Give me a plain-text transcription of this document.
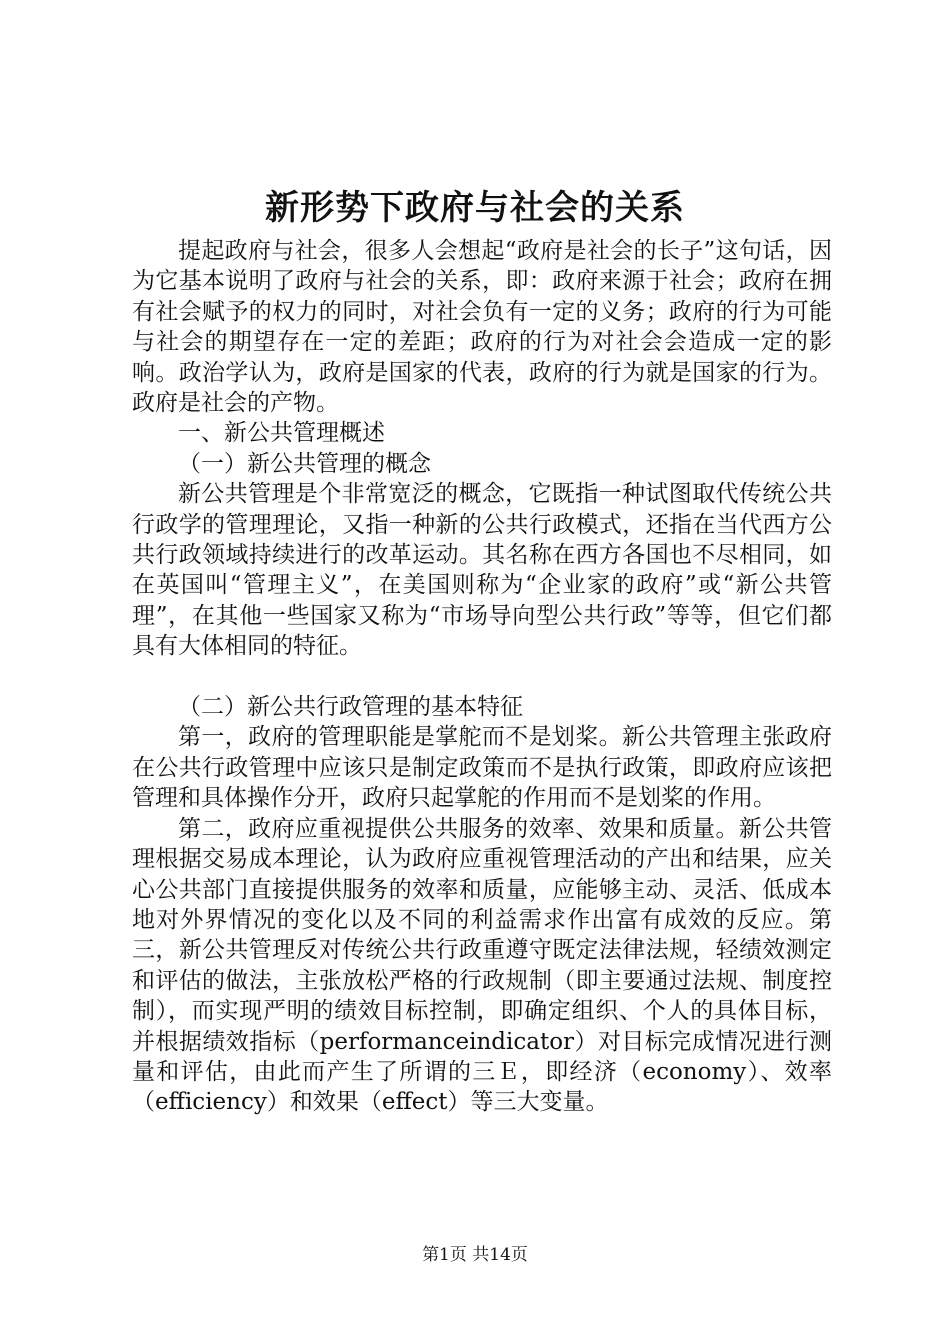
新形势下政府与社会的关系

提起政府与社会，很多人会想起“政府是社会的长子”这句话，因为它基本说明了政府与社会的关系，即：政府来源于社会；政府在拥有社会赋予的权力的同时，对社会负有一定的义务；政府的行为可能与社会的期望存在一定的差距；政府的行为对社会会造成一定的影响。政治学认为，政府是国家的代表，政府的行为就是国家的行为。政府是社会的产物。

一、新公共管理概述

（一）新公共管理的概念

新公共管理是个非常宽泛的概念，它既指一种试图取代传统公共行政学的管理理论，又指一种新的公共行政模式，还指在当代西方公共行政领域持续进行的改革运动。其名称在西方各国也不尽相同，如在英国叫“管理主义”，在美国则称为“企业家的政府”或“新公共管理”，在其他一些国家又称为“市场导向型公共行政”等等，但它们都具有大体相同的特征。

（二）新公共行政管理的基本特征

第一，政府的管理职能是掌舵而不是划桨。新公共管理主张政府在公共行政管理中应该只是制定政策而不是执行政策，即政府应该把管理和具体操作分开，政府只起掌舵的作用而不是划桨的作用。

第二，政府应重视提供公共服务的效率、效果和质量。新公共管理根据交易成本理论，认为政府应重视管理活动的产出和结果，应关心公共部门直接提供服务的效率和质量，应能够主动、灵活、低成本地对外界情况的变化以及不同的利益需求作出富有成效的反应。第三，新公共管理反对传统公共行政重遵守既定法律法规，轻绩效测定和评估的做法，主张放松严格的行政规制（即主要通过法规、制度控制），而实现严明的绩效目标控制，即确定组织、个人的具体目标，并根据绩效指标（performanceindicator）对目标完成情况进行测量和评估，由此而产生了所谓的三Ｅ，即经济（economy）、效率（efficiency）和效果（effect）等三大变量。

第1页 共14页
